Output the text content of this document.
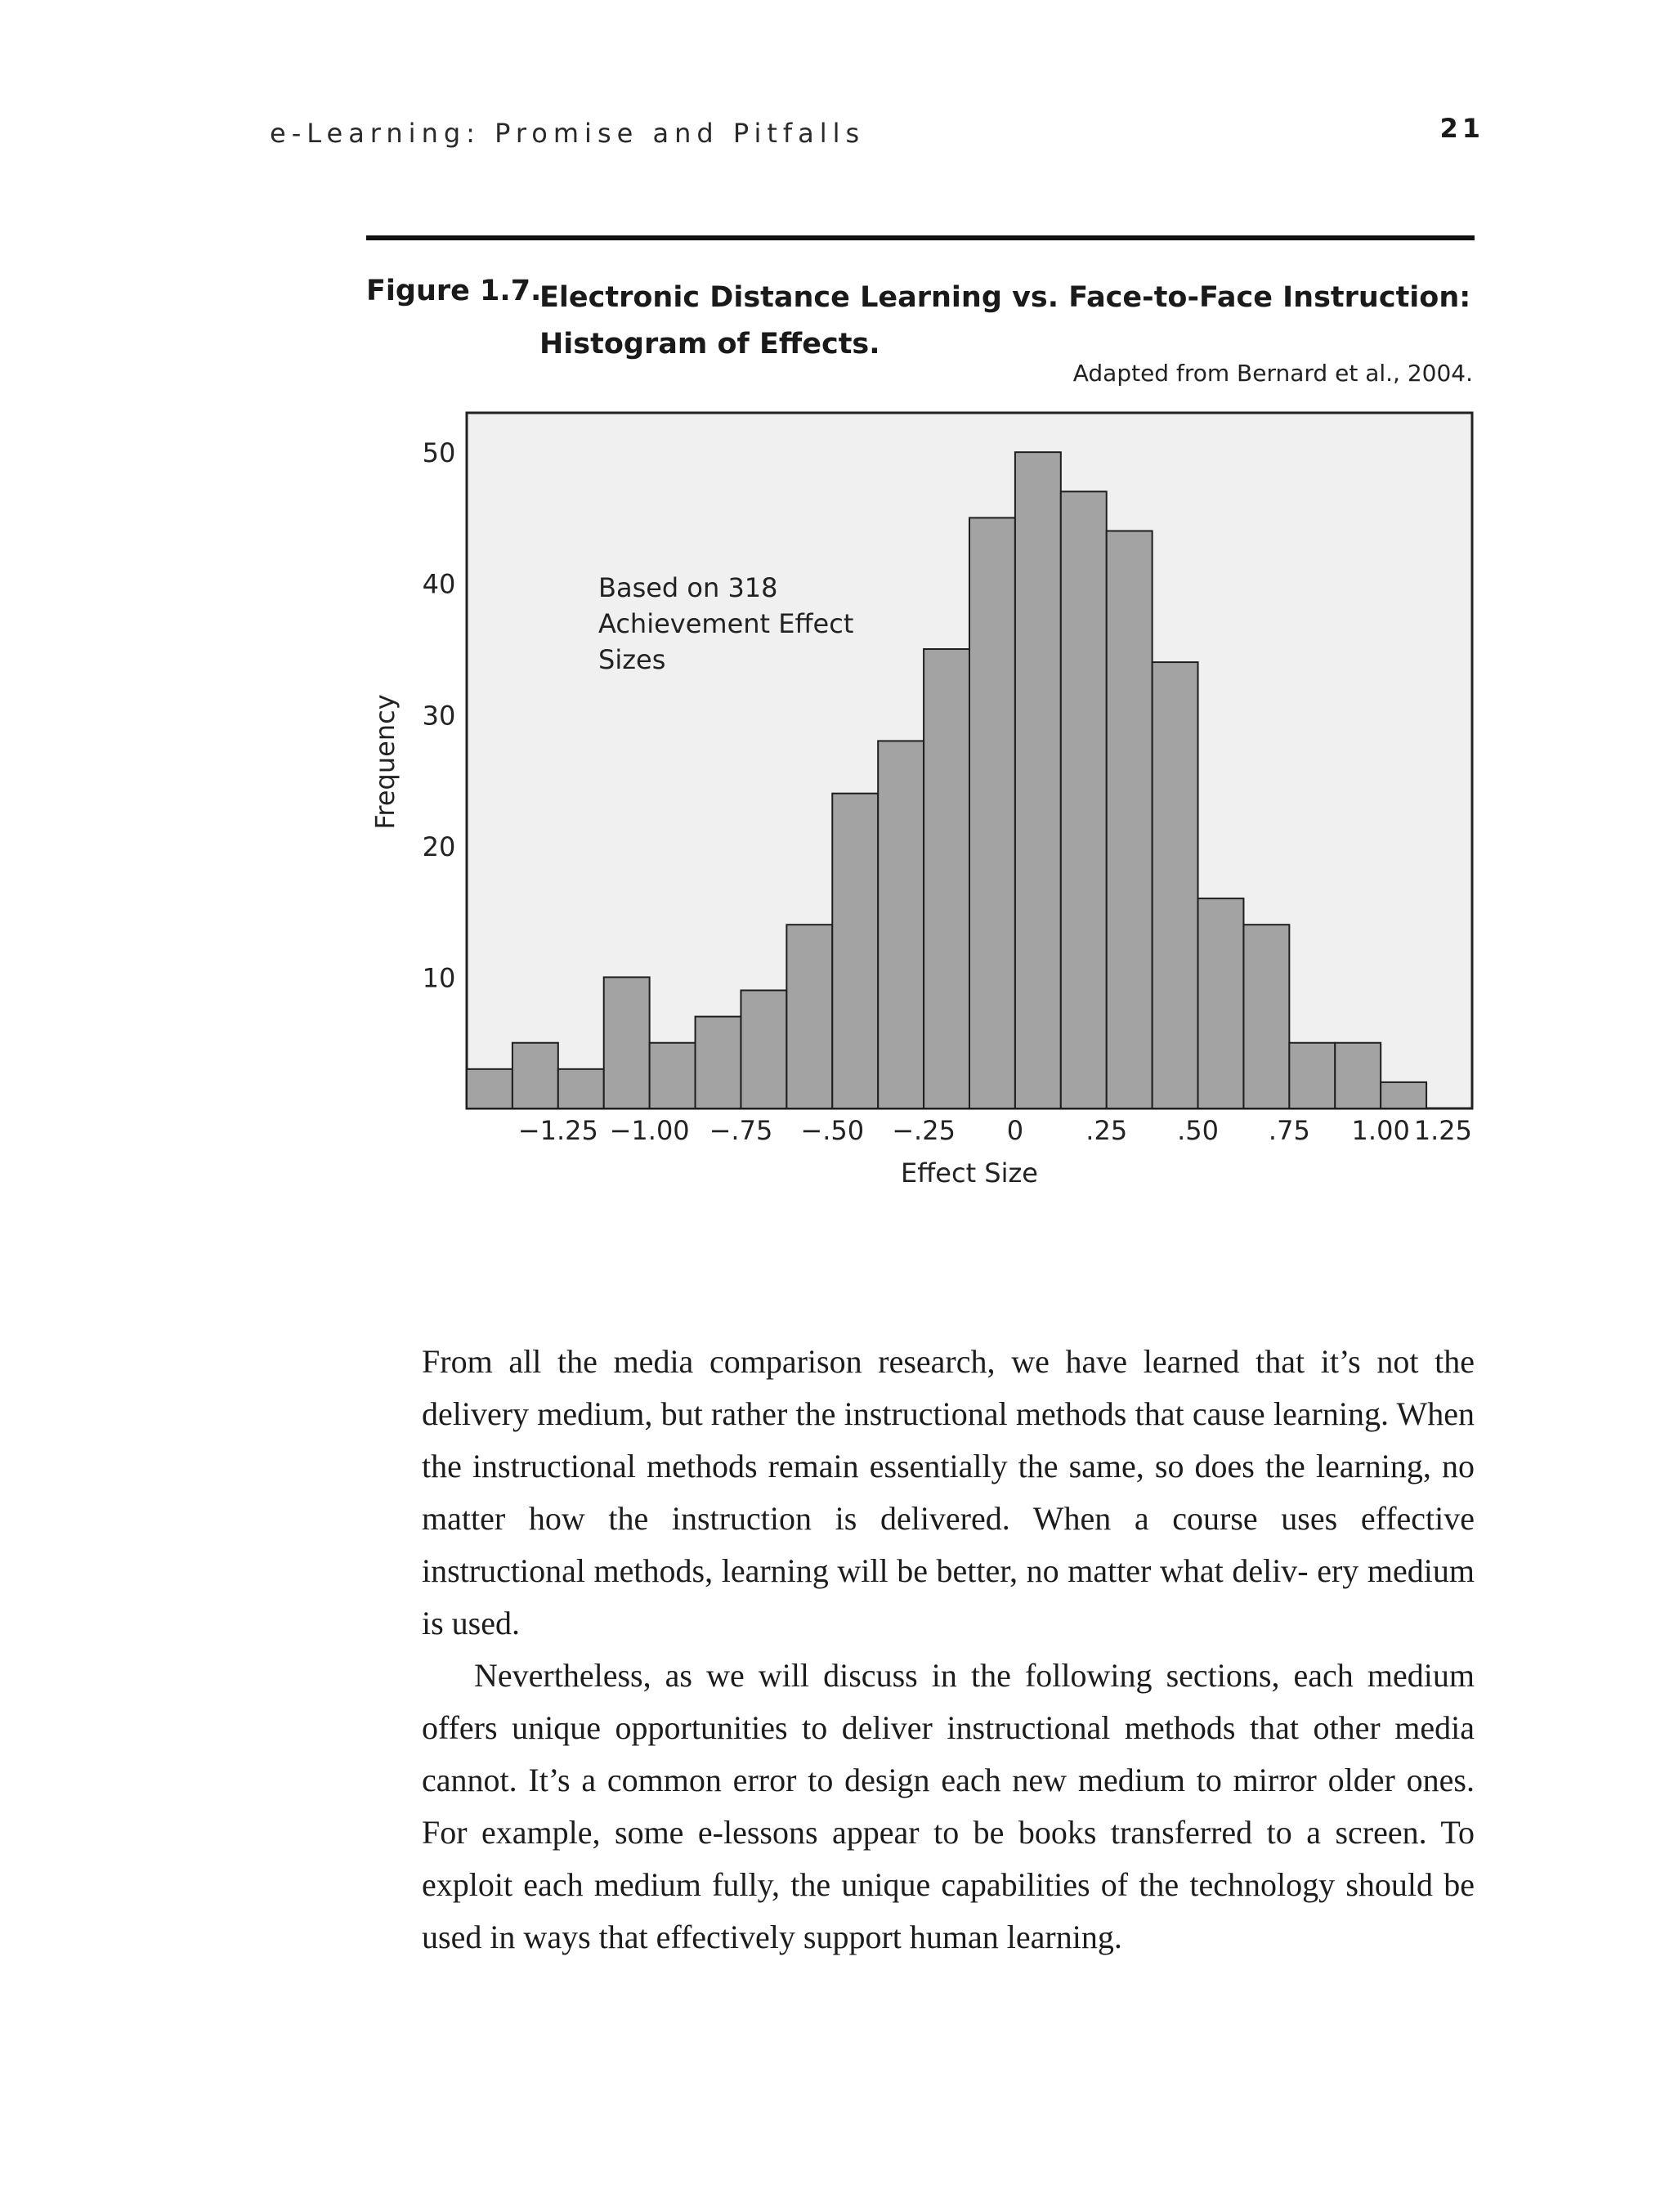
e-Learning: Promise and Pitfalls	21
Figure 1.7.
Electronic Distance Learning vs. Face-to-Face Instruction: Histogram of Effects.
Adapted from Bernard et al., 2004.
10
20
30
40
50
−1.25 −1.00 −.75 −.50 −.25 0 .25 .50 .75 1.00 1.25
Based on 318
Achievement Effect
Sizes
Effect Size
Frequency

From all the media comparison research, we have learned that it’s not the delivery medium, but rather the instructional methods that cause learning. When the instructional methods remain essentially the same, so does the learning, no matter how the instruction is delivered. When a course uses effective instructional methods, learning will be better, no matter what deliv- ery medium is used.

Nevertheless, as we will discuss in the following sections, each medium offers unique opportunities to deliver instructional methods that other media cannot. It’s a common error to design each new medium to mirror older ones. For example, some e-lessons appear to be books transferred to a screen. To exploit each medium fully, the unique capabilities of the technology should be used in ways that effectively support human learning.
